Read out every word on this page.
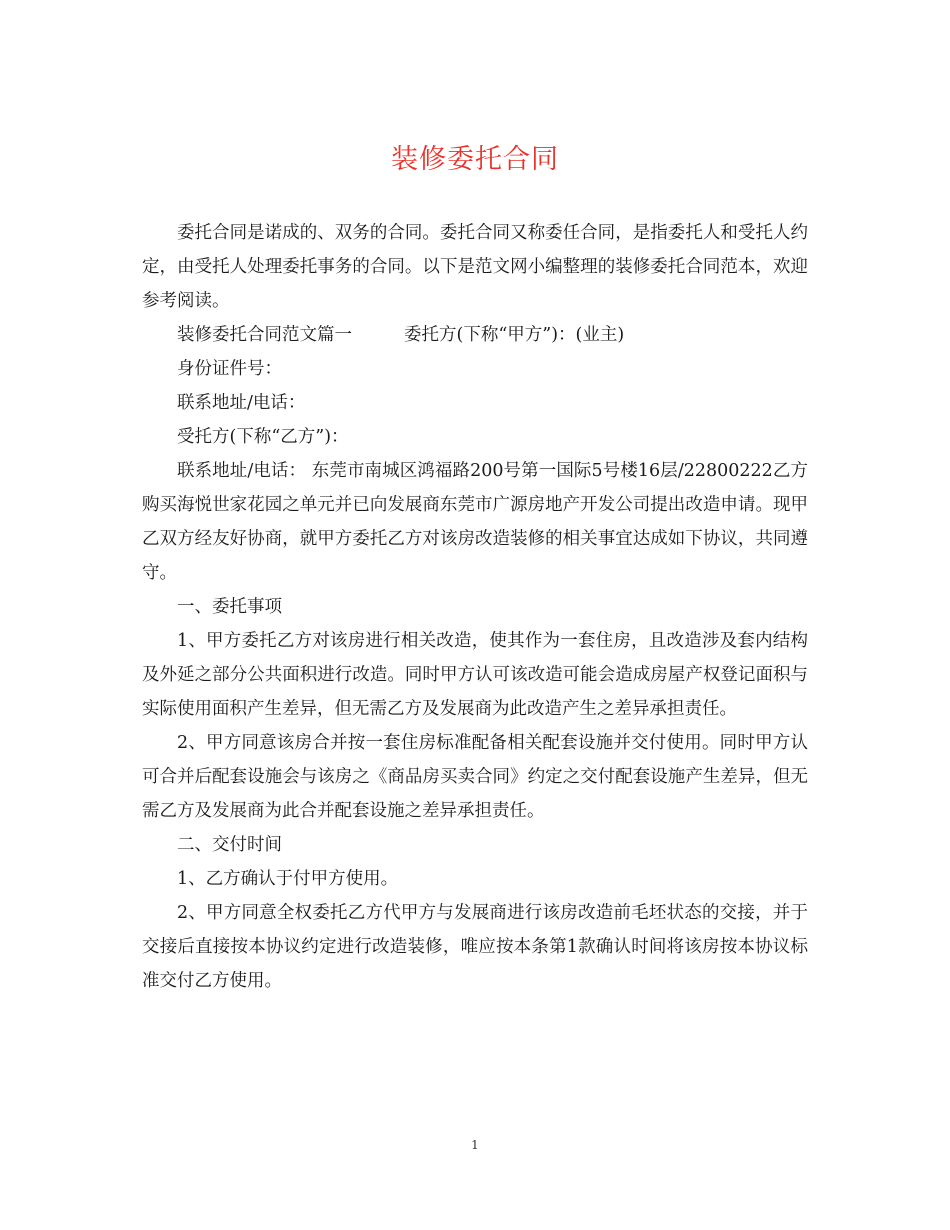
装修委托合同

委托合同是诺成的、双务的合同。委托合同又称委任合同，是指委托人和受托人约定，由受托人处理委托事务的合同。以下是范文网小编整理的装修委托合同范本，欢迎参考阅读。

装修委托合同范文篇一	委托方(下称“甲方”)：(业主)

身份证件号：

联系地址/电话：

受托方(下称“乙方”)：

联系地址/电话： 东莞市南城区鸿福路200号第一国际5号楼16层/22800222乙方购买海悦世家花园之单元并已向发展商东莞市广源房地产开发公司提出改造申请。现甲乙双方经友好协商，就甲方委托乙方对该房改造装修的相关事宜达成如下协议，共同遵守。

一、委托事项

1、甲方委托乙方对该房进行相关改造，使其作为一套住房，且改造涉及套内结构及外延之部分公共面积进行改造。同时甲方认可该改造可能会造成房屋产权登记面积与实际使用面积产生差异，但无需乙方及发展商为此改造产生之差异承担责任。

2、甲方同意该房合并按一套住房标准配备相关配套设施并交付使用。同时甲方认可合并后配套设施会与该房之《商品房买卖合同》约定之交付配套设施产生差异，但无需乙方及发展商为此合并配套设施之差异承担责任。

二、交付时间

1、乙方确认于付甲方使用。

2、甲方同意全权委托乙方代甲方与发展商进行该房改造前毛坯状态的交接，并于交接后直接按本协议约定进行改造装修，唯应按本条第1款确认时间将该房按本协议标准交付乙方使用。

1
